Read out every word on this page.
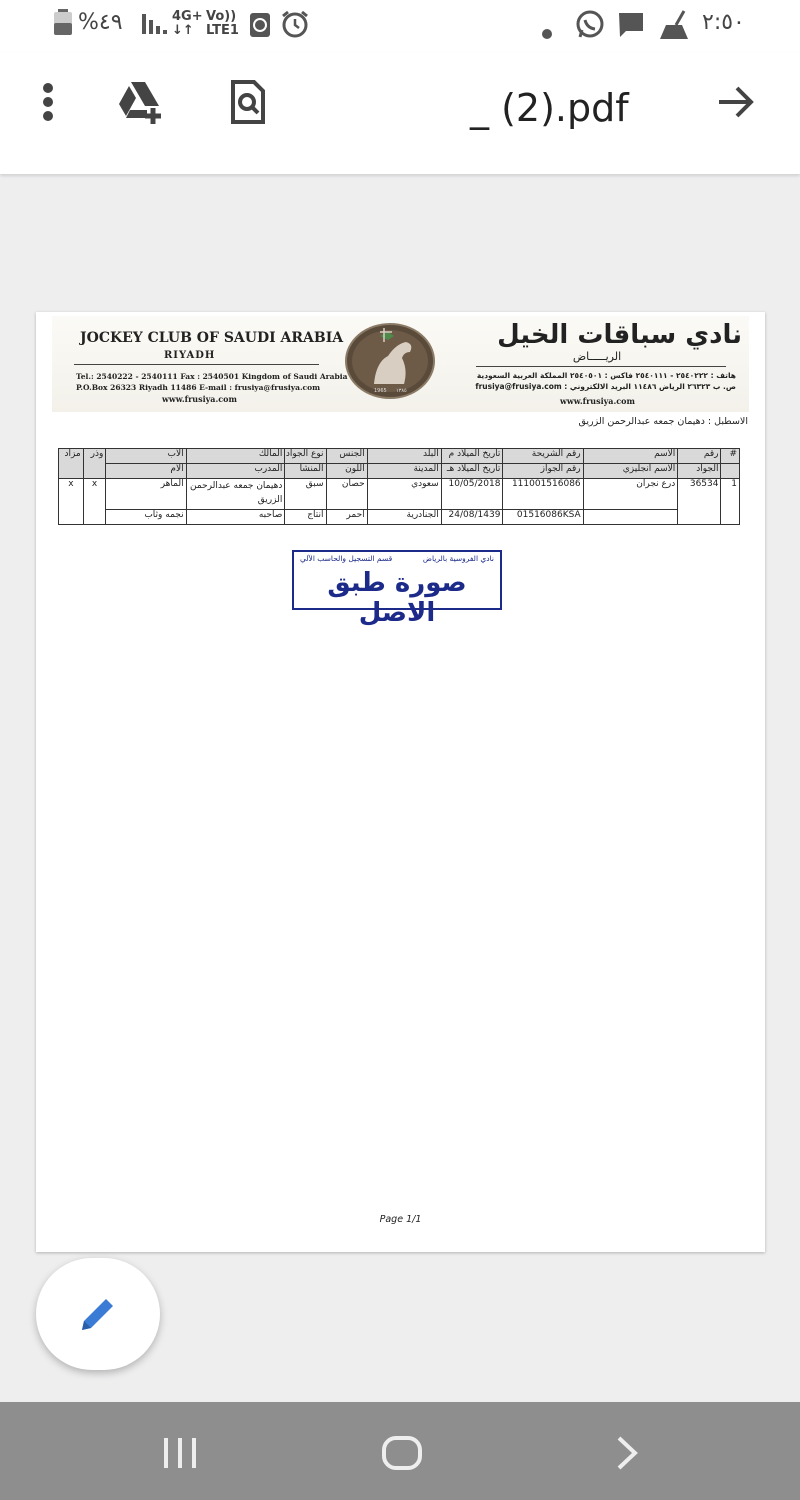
%٤٩	4G+
↓↑
Vo))
LTE1	٢:٥٠
_ (2).pdf
JOCKEY CLUB OF SAUDI ARABIA
RIYADH
Tel.: 2540222 - 2540111 Fax : 2540501 Kingdom of Saudi Arabia
P.O.Box 26323 Riyadh 11486 E-mail : frusiya@frusiya.com
www.frusiya.com
1965 ١٣٨٥
نادي سباقات الخيل
الريـــــاض
هاتف : ٢٥٤٠٢٢٢ - ٢٥٤٠١١١ فاكس : ٢٥٤٠٥٠١ المملكة العربية السعودية
ص. ب ٢٦٣٢٣ الرياض ١١٤٨٦ البريد الالكتروني : frusiya@frusiya.com
www.frusiya.com
الاسطبل : دهيمان جمعه عبدالرحمن الزريق
#	رقم	الاسم	رقم الشريحة	تاريخ الميلاد م	البلد	الجنس	نوع الجواد	المالك	الاب	وذر	مزاد
	الجواد	الاسم انجليزي	رقم الجواز	تاريخ الميلاد هـ	المدينة	اللون	المنشأ	المدرب	الام		
1	36534	درع نجران	111001516086	10/05/2018	سعودي	حصان	سبق	دهيمان جمعه عبدالرحمن الزريق	الماهر	x	x
			01516086KSA	24/08/1439	الجنادرية	احمر	انتاج	صاحبه	نجمه وثاب		
نادي الفروسية بالرياض
قسم التسجيل والحاسب الآلي
صورة طبق الاصل
Page 1/1
